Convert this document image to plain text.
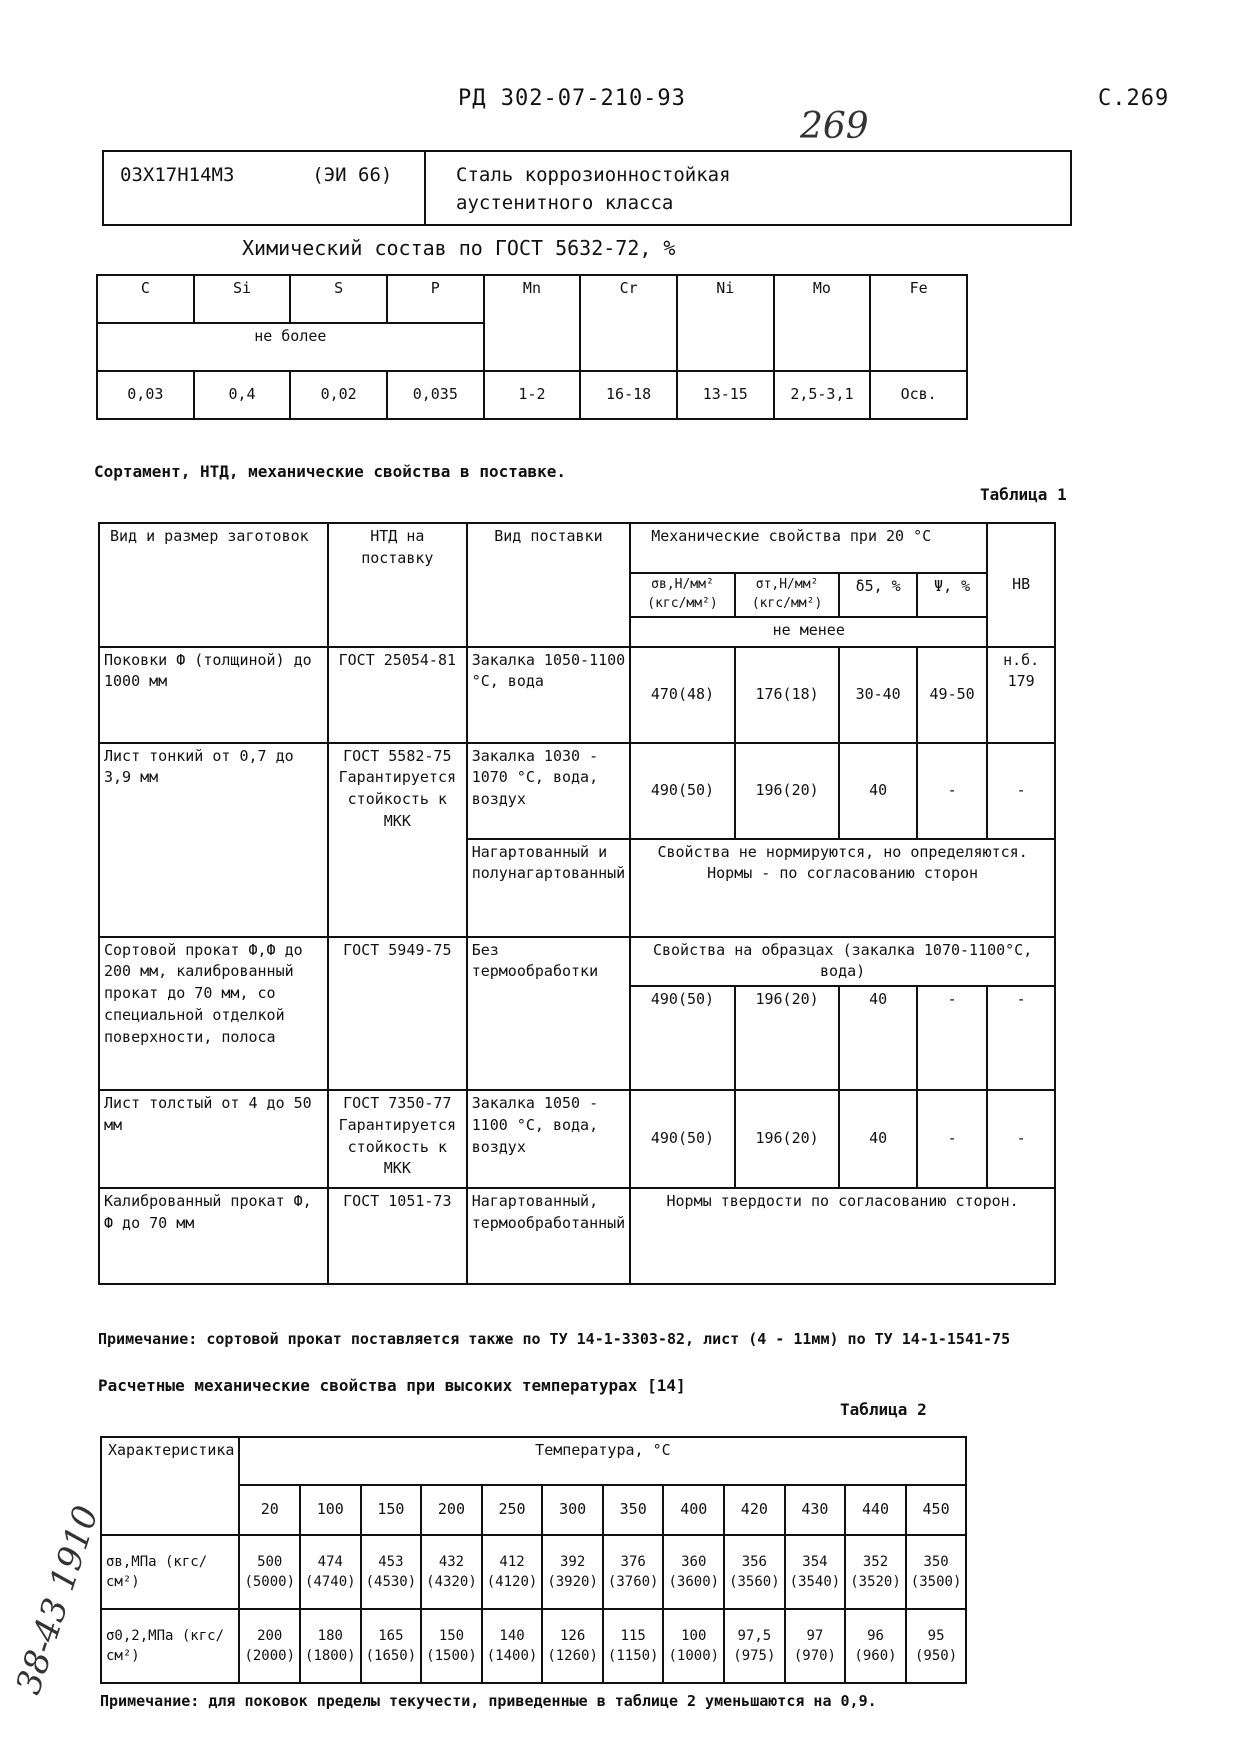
РД 302-07-210-93	С.269
269
03Х17Н14М3	(ЭИ 66)	Сталь коррозионностойкая
аустенитного класса
Химический состав по ГОСТ 5632-72, %
C	Si	S	P	Mn	Cr	Ni	Mo	Fe
не более								
0,03	0,4	0,02	0,035	1-2	16-18	13-15	2,5-3,1	Осв.
Сортамент, НТД, механические свойства в поставке.
Таблица 1
Вид и размер заготовок	НТД на поставку	Вид поставки	Механические свойства при 20 °С				НВ
			σв,Н/мм² (кгс/мм²)	σт,Н/мм² (кгс/мм²)	δ5, %	Ψ, %	
			не менее				
Поковки Ф (толщиной) до 1000 мм	ГОСТ 25054-81	Закалка 1050-1100 °С, вода	470(48)	176(18)	30-40	49-50	н.б. 179
Лист тонкий от 0,7 до 3,9 мм	ГОСТ 5582-75 Гарантируется стойкость к МКК	Закалка 1030 - 1070 °С, вода, воздух	490(50)	196(20)	40	-	-
		Нагартованный и полунагартованный	Свойства не нормируются, но определяются. Нормы - по согласованию сторон				
Сортовой прокат Ф,Ф до 200 мм, калиброванный прокат до 70 мм, со специальной отделкой поверхности, полоса	ГОСТ 5949-75	Без термообработки	Свойства на образцах (закалка 1070-1100°С, вода)				
			490(50)	196(20)	40	-	-
Лист толстый от 4 до 50 мм	ГОСТ 7350-77 Гарантируется стойкость к МКК	Закалка 1050 - 1100 °С, вода, воздух	490(50)	196(20)	40	-	-
Калиброванный прокат Ф, Ф до 70 мм	ГОСТ 1051-73	Нагартованный, термообработанный	Нормы твердости по согласованию сторон.				
Примечание: сортовой прокат поставляется также по ТУ 14-1-3303-82, лист (4 - 11мм) по ТУ 14-1-1541-75
Расчетные механические свойства при высоких температурах [14]
Таблица 2
Характеристика	Температура, °С											
	20	100	150	200	250	300	350	400	420	430	440	450
σв,МПа (кгс/см²)	500 (5000)	474 (4740)	453 (4530)	432 (4320)	412 (4120)	392 (3920)	376 (3760)	360 (3600)	356 (3560)	354 (3540)	352 (3520)	350 (3500)
σ0,2,МПа (кгс/см²)	200 (2000)	180 (1800)	165 (1650)	150 (1500)	140 (1400)	126 (1260)	115 (1150)	100 (1000)	97,5 (975)	97 (970)	96 (960)	95 (950)
Примечание: для поковок пределы текучести, приведенные в таблице 2 уменьшаются на 0,9.
38-43 1910
